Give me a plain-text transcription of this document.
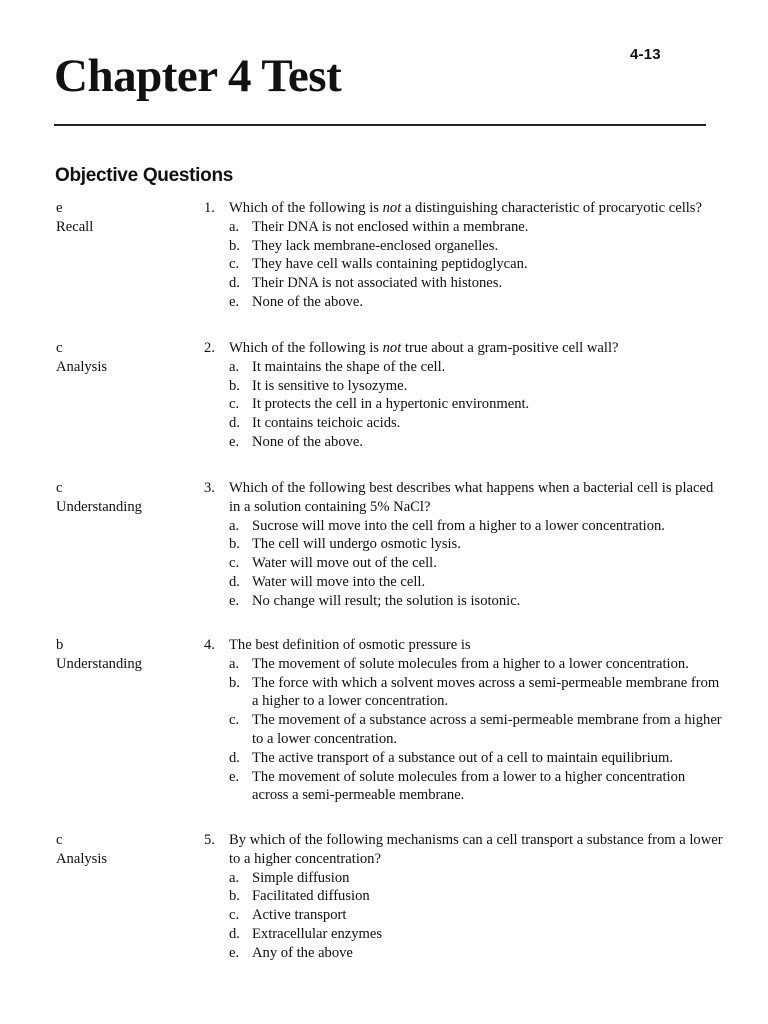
4-13
Chapter 4 Test
Objective Questions
e
Recall
1. Which of the following is not a distinguishing characteristic of procaryotic cells?
a. Their DNA is not enclosed within a membrane.
b. They lack membrane-enclosed organelles.
c. They have cell walls containing peptidoglycan.
d. Their DNA is not associated with histones.
e. None of the above.
c
Analysis
2. Which of the following is not true about a gram-positive cell wall?
a. It maintains the shape of the cell.
b. It is sensitive to lysozyme.
c. It protects the cell in a hypertonic environment.
d. It contains teichoic acids.
e. None of the above.
c
Understanding
3. Which of the following best describes what happens when a bacterial cell is placed in a solution containing 5% NaCl?
a. Sucrose will move into the cell from a higher to a lower concentration.
b. The cell will undergo osmotic lysis.
c. Water will move out of the cell.
d. Water will move into the cell.
e. No change will result; the solution is isotonic.
b
Understanding
4. The best definition of osmotic pressure is
a. The movement of solute molecules from a higher to a lower concentration.
b. The force with which a solvent moves across a semi-permeable membrane from a higher to a lower concentration.
c. The movement of a substance across a semi-permeable membrane from a higher to a lower concentration.
d. The active transport of a substance out of a cell to maintain equilibrium.
e. The movement of solute molecules from a lower to a higher concentration across a semi-permeable membrane.
c
Analysis
5. By which of the following mechanisms can a cell transport a substance from a lower to a higher concentration?
a. Simple diffusion
b. Facilitated diffusion
c. Active transport
d. Extracellular enzymes
e. Any of the above
